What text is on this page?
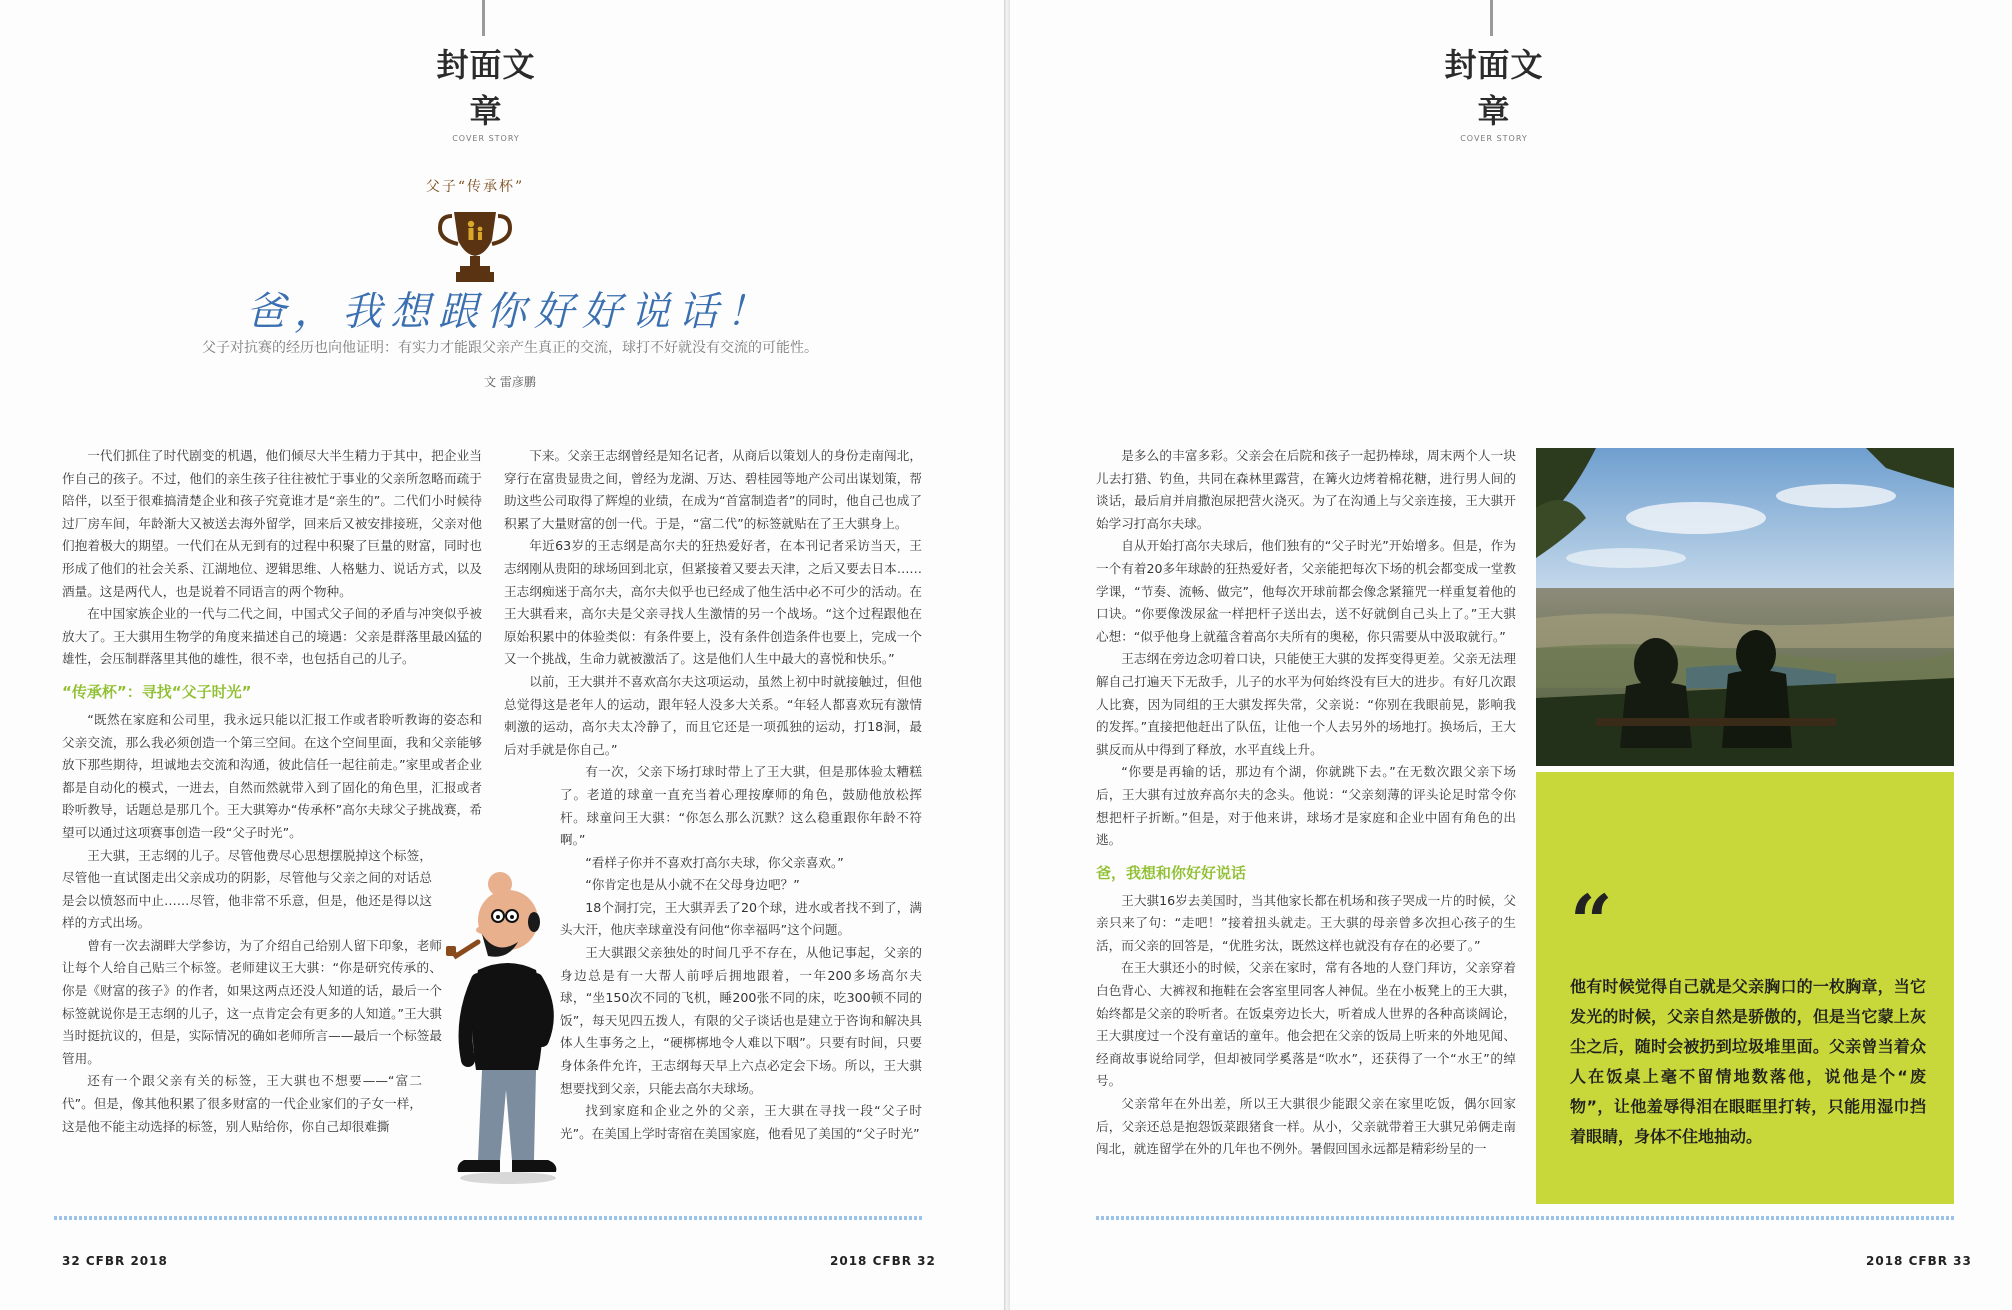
封面文章
COVER STORY
父子“传承杯”
爸，我想跟你好好说话！
父子对抗赛的经历也向他证明：有实力才能跟父亲产生真正的交流，球打不好就没有交流的可能性。
文 雷彦鹏

一代们抓住了时代剧变的机遇，他们倾尽大半生精力于其中，把企业当作自己的孩子。不过，他们的亲生孩子往往被忙于事业的父亲所忽略而疏于陪伴，以至于很难搞清楚企业和孩子究竟谁才是“亲生的”。二代们小时候待过厂房车间，年龄渐大又被送去海外留学，回来后又被安排接班，父亲对他们抱着极大的期望。一代们在从无到有的过程中积聚了巨量的财富，同时也形成了他们的社会关系、江湖地位、逻辑思维、人格魅力、说话方式，以及酒量。这是两代人，也是说着不同语言的两个物种。

在中国家族企业的一代与二代之间，中国式父子间的矛盾与冲突似乎被放大了。王大骐用生物学的角度来描述自己的境遇：父亲是群落里最凶猛的雄性，会压制群落里其他的雄性，很不幸，也包括自己的儿子。

“传承杯”：寻找“父子时光”

“既然在家庭和公司里，我永远只能以汇报工作或者聆听教诲的姿态和父亲交流，那么我必须创造一个第三空间。在这个空间里面，我和父亲能够放下那些期待，坦诚地去交流和沟通，彼此信任一起往前走。”家里或者企业都是自动化的模式，一进去，自然而然就带入到了固化的角色里，汇报或者聆听教导，话题总是那几个。王大骐筹办“传承杯”高尔夫球父子挑战赛，希望可以通过这项赛事创造一段“父子时光”。

王大骐，王志纲的儿子。尽管他费尽心思想摆脱掉这个标签，尽管他一直试图走出父亲成功的阴影，尽管他与父亲之间的对话总是会以愤怒而中止……尽管，他非常不乐意，但是，他还是得以这样的方式出场。

曾有一次去湖畔大学参访，为了介绍自己给别人留下印象，老师让每个人给自己贴三个标签。老师建议王大骐：“你是研究传承的、你是《财富的孩子》的作者，如果这两点还没人知道的话，最后一个标签就说你是王志纲的儿子，这一点肯定会有更多的人知道。”王大骐当时挺抗议的，但是，实际情况的确如老师所言——最后一个标签最管用。

还有一个跟父亲有关的标签，王大骐也不想要——“富二代”。但是，像其他积累了很多财富的一代企业家们的子女一样，这是他不能主动选择的标签，别人贴给你，你自己却很难撕

下来。父亲王志纲曾经是知名记者，从商后以策划人的身份走南闯北，穿行在富贵显贵之间，曾经为龙湖、万达、碧桂园等地产公司出谋划策，帮助这些公司取得了辉煌的业绩，在成为“首富制造者”的同时，他自己也成了积累了大量财富的创一代。于是，“富二代”的标签就贴在了王大骐身上。

年近63岁的王志纲是高尔夫的狂热爱好者，在本刊记者采访当天，王志纲刚从贵阳的球场回到北京，但紧接着又要去天津，之后又要去日本……王志纲痴迷于高尔夫，高尔夫似乎也已经成了他生活中必不可少的活动。在王大骐看来，高尔夫是父亲寻找人生激情的另一个战场。“这个过程跟他在原始积累中的体验类似：有条件要上，没有条件创造条件也要上，完成一个又一个挑战，生命力就被激活了。这是他们人生中最大的喜悦和快乐。”

以前，王大骐并不喜欢高尔夫这项运动，虽然上初中时就接触过，但他总觉得这是老年人的运动，跟年轻人没多大关系。“年轻人都喜欢玩有激情刺激的运动，高尔夫太冷静了，而且它还是一项孤独的运动，打18洞，最后对手就是你自己。”

有一次，父亲下场打球时带上了王大骐，但是那体验太糟糕了。老道的球童一直充当着心理按摩师的角色，鼓励他放松挥杆。球童问王大骐：“你怎么那么沉默？这么稳重跟你年龄不符啊。”

“看样子你并不喜欢打高尔夫球，你父亲喜欢。”

“你肯定也是从小就不在父母身边吧？”

18个洞打完，王大骐弄丢了20个球，进水或者找不到了，满头大汗，他庆幸球童没有问他“你幸福吗”这个问题。

王大骐跟父亲独处的时间几乎不存在，从他记事起，父亲的身边总是有一大帮人前呼后拥地跟着，一年200多场高尔夫球，“坐150次不同的飞机，睡200张不同的床，吃300顿不同的饭”，每天见四五拨人，有限的父子谈话也是建立于咨询和解决具体人生事务之上，“硬梆梆地令人难以下咽”。只要有时间，只要身体条件允许，王志纲每天早上六点必定会下场。所以，王大骐想要找到父亲，只能去高尔夫球场。

找到家庭和企业之外的父亲，王大骐在寻找一段“父子时光”。在美国上学时寄宿在美国家庭，他看见了美国的“父子时光”

32 CFBR 2018	2018 CFBR 32
封面文章
COVER STORY
2018 CFBR 33

是多么的丰富多彩。父亲会在后院和孩子一起扔棒球，周末两个人一块儿去打猎、钓鱼，共同在森林里露营，在篝火边烤着棉花糖，进行男人间的谈话，最后肩并肩撒泡尿把营火浇灭。为了在沟通上与父亲连接，王大骐开始学习打高尔夫球。

自从开始打高尔夫球后，他们独有的“父子时光”开始增多。但是，作为一个有着20多年球龄的狂热爱好者，父亲能把每次下场的机会都变成一堂教学课，“节奏、流畅、做完”，他每次开球前都会像念紧箍咒一样重复着他的口诀。“你要像泼尿盆一样把杆子送出去，送不好就倒自己头上了。”王大骐心想：“似乎他身上就蕴含着高尔夫所有的奥秘，你只需要从中汲取就行。”

王志纲在旁边念叨着口诀，只能使王大骐的发挥变得更差。父亲无法理解自己打遍天下无敌手，儿子的水平为何始终没有巨大的进步。有好几次跟人比赛，因为同组的王大骐发挥失常，父亲说：“你别在我眼前晃，影响我的发挥。”直接把他赶出了队伍，让他一个人去另外的场地打。换场后，王大骐反而从中得到了释放，水平直线上升。

“你要是再输的话，那边有个湖，你就跳下去。”在无数次跟父亲下场后，王大骐有过放弃高尔夫的念头。他说：“父亲刻薄的评头论足时常令你想把杆子折断。”但是，对于他来讲，球场才是家庭和企业中固有角色的出逃。

爸，我想和你好好说话

王大骐16岁去美国时，当其他家长都在机场和孩子哭成一片的时候，父亲只来了句：“走吧！”接着扭头就走。王大骐的母亲曾多次担心孩子的生活，而父亲的回答是，“优胜劣汰，既然这样也就没有存在的必要了。”

在王大骐还小的时候，父亲在家时，常有各地的人登门拜访，父亲穿着白色背心、大裤衩和拖鞋在会客室里同客人神侃。坐在小板凳上的王大骐，始终都是父亲的聆听者。在饭桌旁边长大，听着成人世界的各种高谈阔论，王大骐度过一个没有童话的童年。他会把在父亲的饭局上听来的外地见闻、经商故事说给同学，但却被同学奚落是“吹水”，还获得了一个“水王”的绰号。

父亲常年在外出差，所以王大骐很少能跟父亲在家里吃饭，偶尔回家后，父亲还总是抱怨饭菜跟猪食一样。从小，父亲就带着王大骐兄弟俩走南闯北，就连留学在外的几年也不例外。暑假回国永远都是精彩纷呈的一

“
他有时候觉得自己就是父亲胸口的一枚胸章，当它发光的时候，父亲自然是骄傲的，但是当它蒙上灰尘之后，随时会被扔到垃圾堆里面。父亲曾当着众人在饭桌上毫不留情地数落他，说他是个“废物”，让他羞辱得泪在眼眶里打转，只能用湿巾挡着眼睛，身体不住地抽动。
